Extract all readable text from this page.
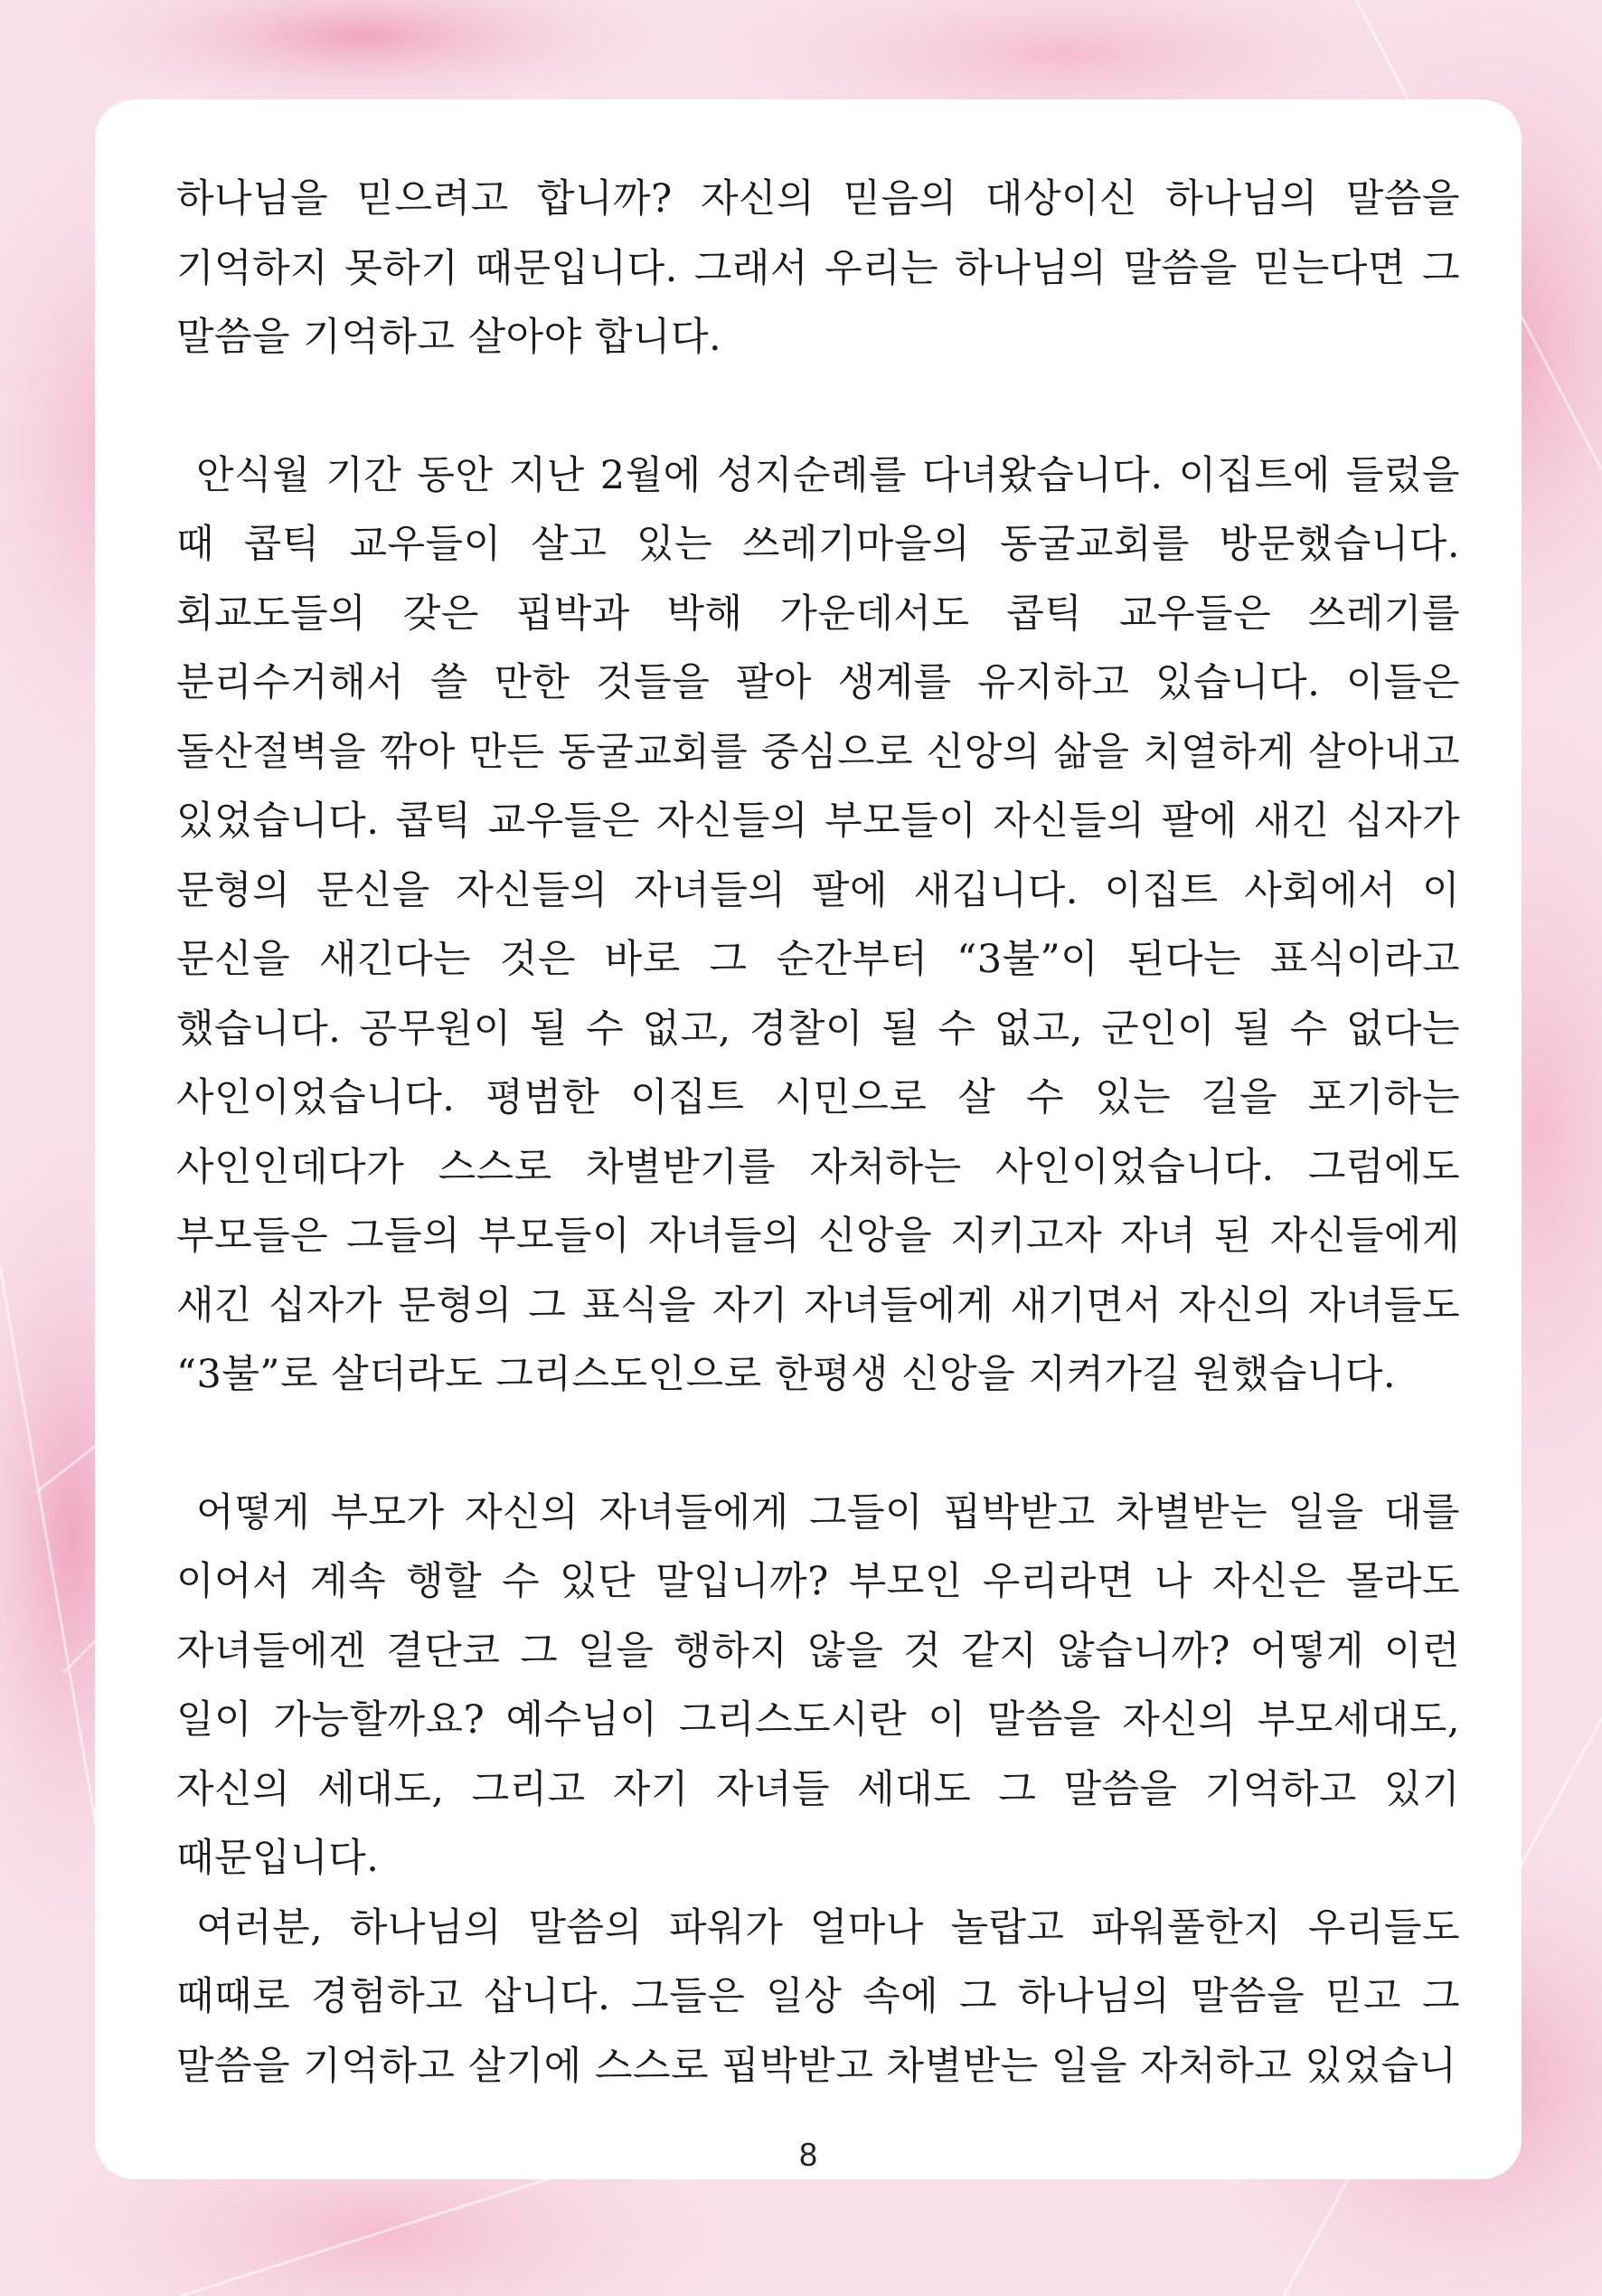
하나님을 믿으려고 합니까? 자신의 믿음의 대상이신 하나님의 말씀을 기억하지 못하기 때문입니다. 그래서 우리는 하나님의 말씀을 믿는다면 그 말씀을 기억하고 살아야 합니다.

안식월 기간 동안 지난 2월에 성지순례를 다녀왔습니다. 이집트에 들렀을 때 콥틱 교우들이 살고 있는 쓰레기마을의 동굴교회를 방문했습니다. 회교도들의 갖은 핍박과 박해 가운데서도 콥틱 교우들은 쓰레기를 분리수거해서 쓸 만한 것들을 팔아 생계를 유지하고 있습니다. 이들은 돌산절벽을 깎아 만든 동굴교회를 중심으로 신앙의 삶을 치열하게 살아내고 있었습니다. 콥틱 교우들은 자신들의 부모들이 자신들의 팔에 새긴 십자가 문형의 문신을 자신들의 자녀들의 팔에 새깁니다. 이집트 사회에서 이 문신을 새긴다는 것은 바로 그 순간부터 “3불”이 된다는 표식이라고 했습니다. 공무원이 될 수 없고, 경찰이 될 수 없고, 군인이 될 수 없다는 사인이었습니다. 평범한 이집트 시민으로 살 수 있는 길을 포기하는 사인인데다가 스스로 차별받기를 자처하는 사인이었습니다. 그럼에도 부모들은 그들의 부모들이 자녀들의 신앙을 지키고자 자녀 된 자신들에게 새긴 십자가 문형의 그 표식을 자기 자녀들에게 새기면서 자신의 자녀들도 “3불”로 살더라도 그리스도인으로 한평생 신앙을 지켜가길 원했습니다.

어떻게 부모가 자신의 자녀들에게 그들이 핍박받고 차별받는 일을 대를 이어서 계속 행할 수 있단 말입니까? 부모인 우리라면 나 자신은 몰라도 자녀들에겐 결단코 그 일을 행하지 않을 것 같지 않습니까? 어떻게 이런 일이 가능할까요? 예수님이 그리스도시란 이 말씀을 자신의 부모세대도, 자신의 세대도, 그리고 자기 자녀들 세대도 그 말씀을 기억하고 있기 때문입니다.

여러분, 하나님의 말씀의 파워가 얼마나 놀랍고 파워풀한지 우리들도 때때로 경험하고 삽니다. 그들은 일상 속에 그 하나님의 말씀을 믿고 그 말씀을 기억하고 살기에 스스로 핍박받고 차별받는 일을 자처하고 있었습니

8
